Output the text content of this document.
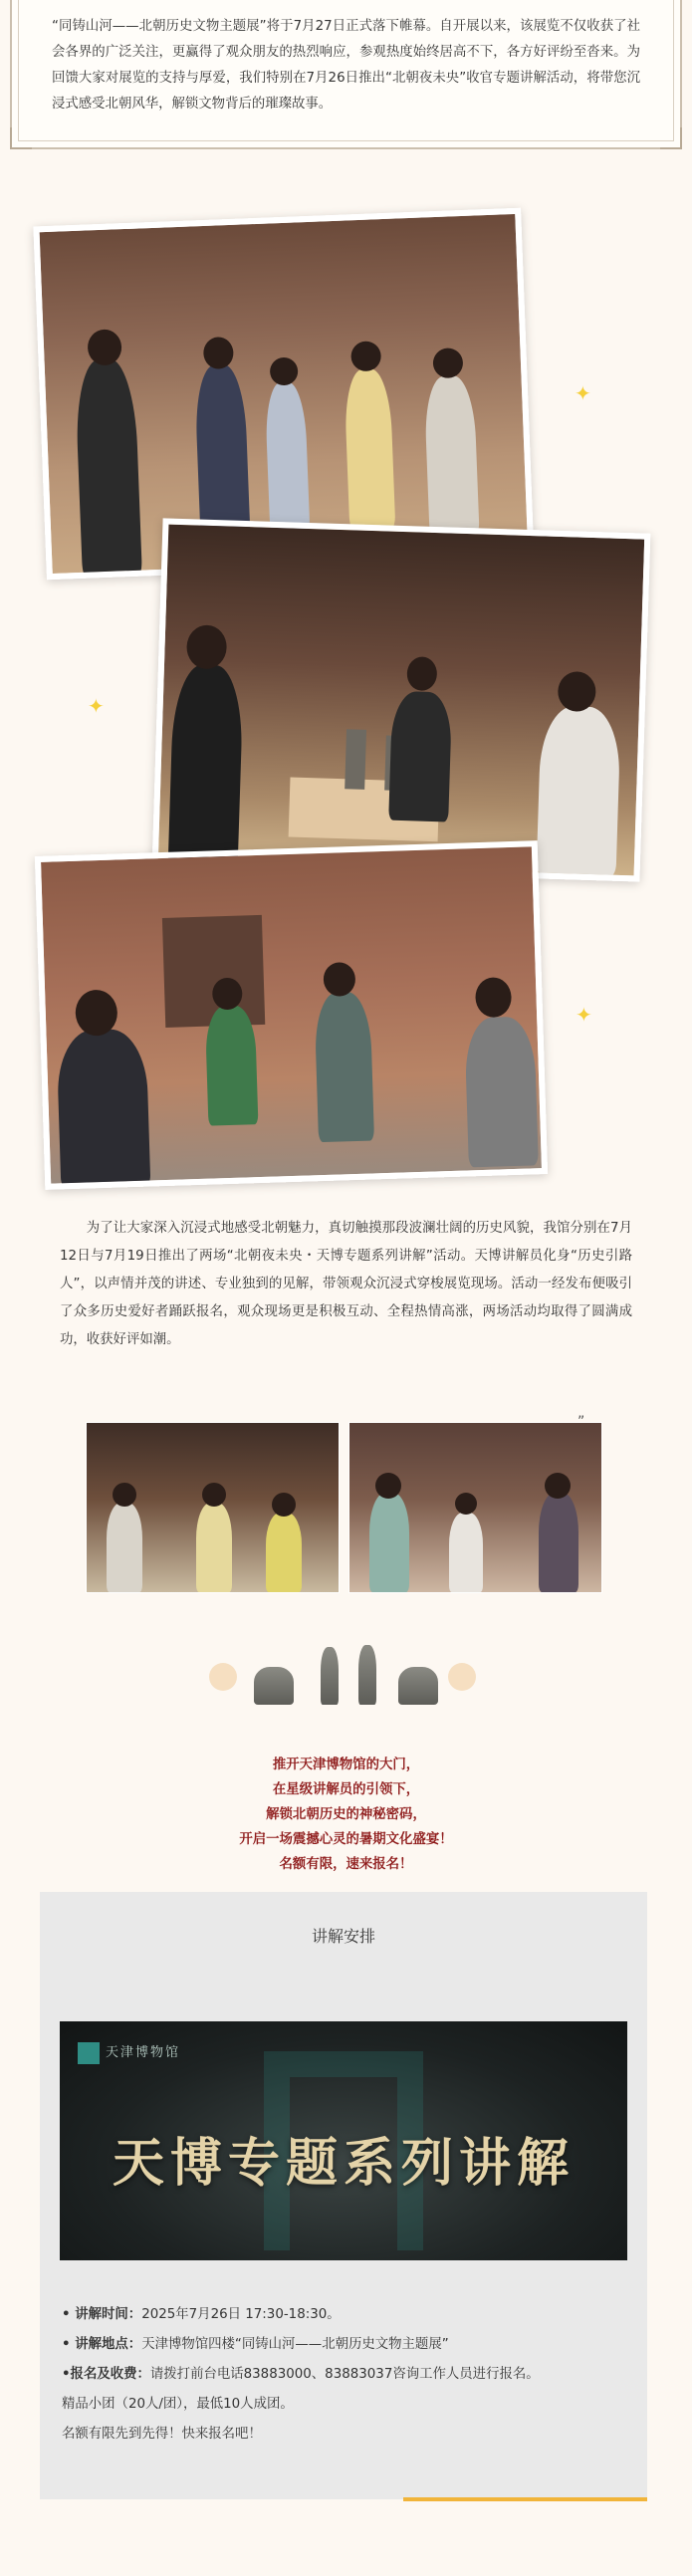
“同铸山河——北朝历史文物主题展”将于7月27日正式落下帷幕。自开展以来，该展览不仅收获了社会各界的广泛关注，更赢得了观众朋友的热烈响应，参观热度始终居高不下，各方好评纷至沓来。为回馈大家对展览的支持与厚爱，我们特别在7月26日推出“北朝夜未央”收官专题讲解活动，将带您沉浸式感受北朝风华，解锁文物背后的璀璨故事。

✦
✦
✦

为了让大家深入沉浸式地感受北朝魅力，真切触摸那段波澜壮阔的历史风貌，我馆分别在7月12日与7月19日推出了两场“北朝夜未央・天博专题系列讲解”活动。天博讲解员化身“历史引路人”，以声情并茂的讲述、专业独到的见解，带领观众沉浸式穿梭展览现场。活动一经发布便吸引了众多历史爱好者踊跃报名，观众现场更是积极互动、全程热情高涨，两场活动均取得了圆满成功，收获好评如潮。

”
推开天津博物馆的大门，
在星级讲解员的引领下，
解锁北朝历史的神秘密码，
开启一场震撼心灵的暑期文化盛宴！
名额有限，速来报名！
讲解安排
天津博物馆
天博专题系列讲解
• 讲解时间：2025年7月26日 17:30-18:30。
• 讲解地点：天津博物馆四楼“同铸山河——北朝历史文物主题展”
•报名及收费：请拨打前台电话83883000、83883037咨询工作人员进行报名。
精品小团（20人/团），最低10人成团。
名额有限先到先得！快来报名吧！
